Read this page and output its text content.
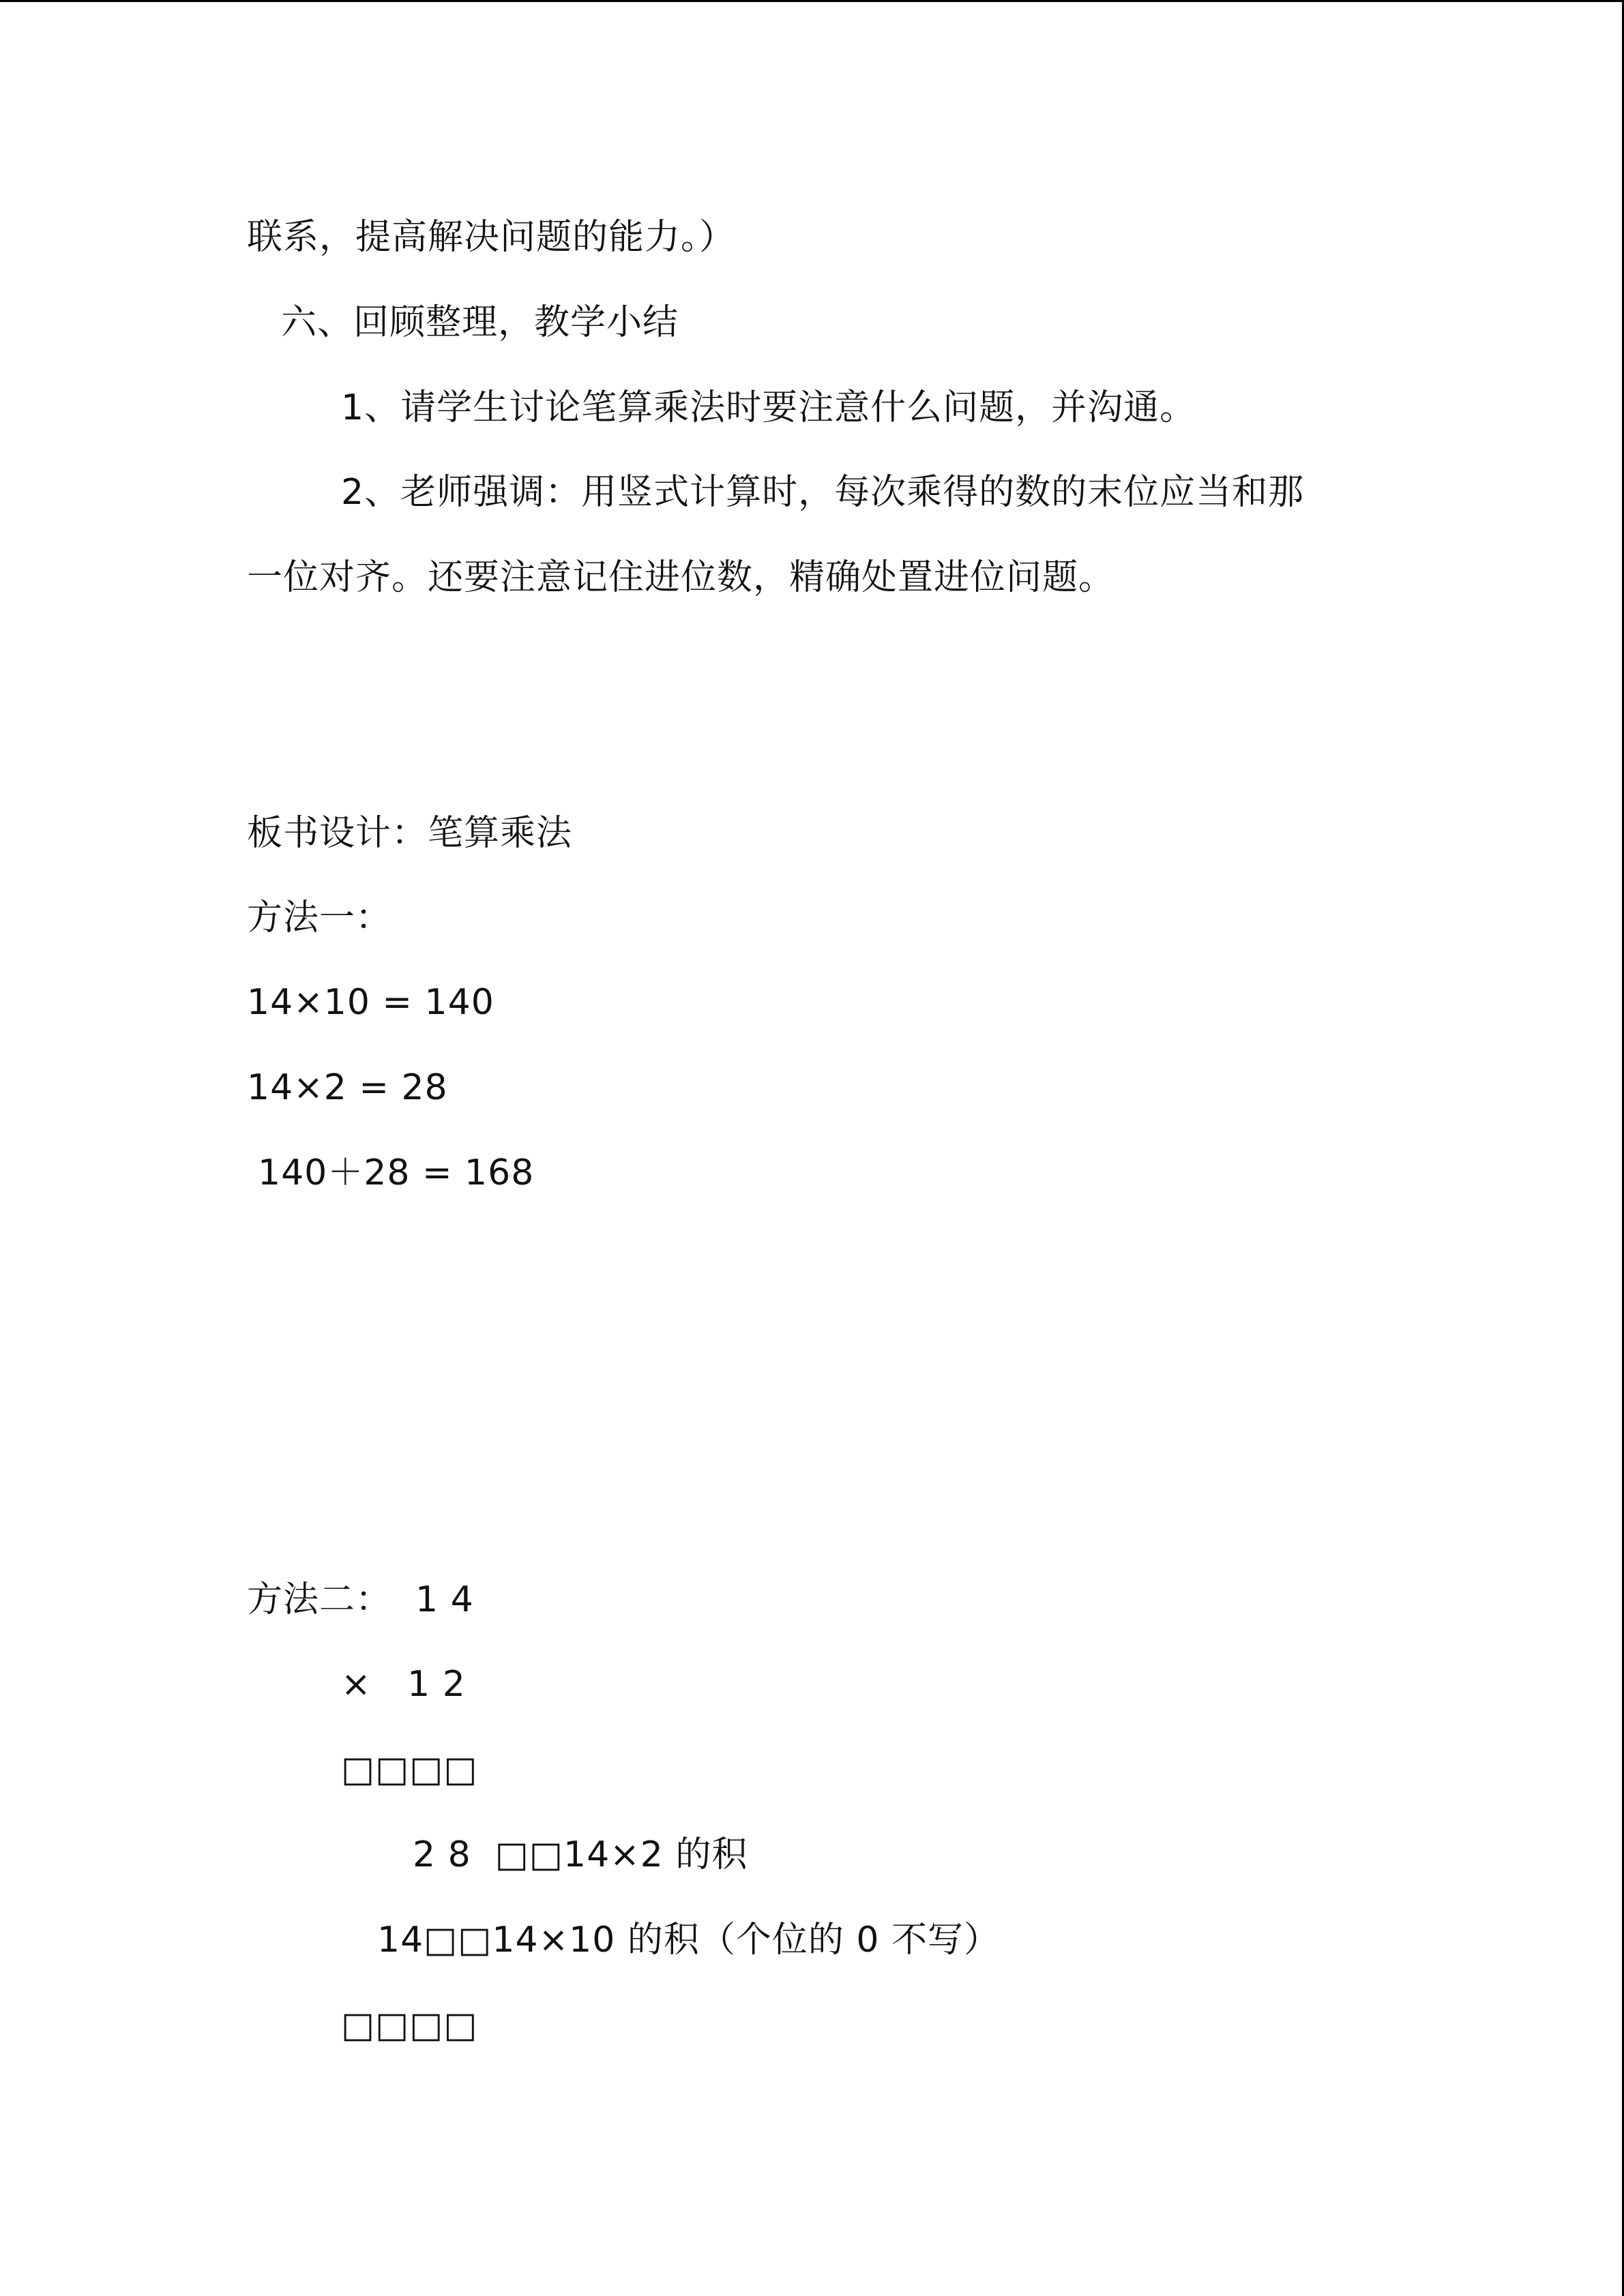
联系，提高解决问题的能力。）
六、回顾整理，教学小结
1、请学生讨论笔算乘法时要注意什么问题，并沟通。
2、老师强调：用竖式计算时，每次乘得的数的末位应当和那
一位对齐。还要注意记住进位数，精确处置进位问题。
板书设计：笔算乘法
方法一：
14×10 = 140
14×2 = 28
140＋28 = 168
方法二：  1 4
×   1 2
□□□□
2 8  □□14×2 的积
14□□14×10 的积（个位的 0 不写）
□□□□
